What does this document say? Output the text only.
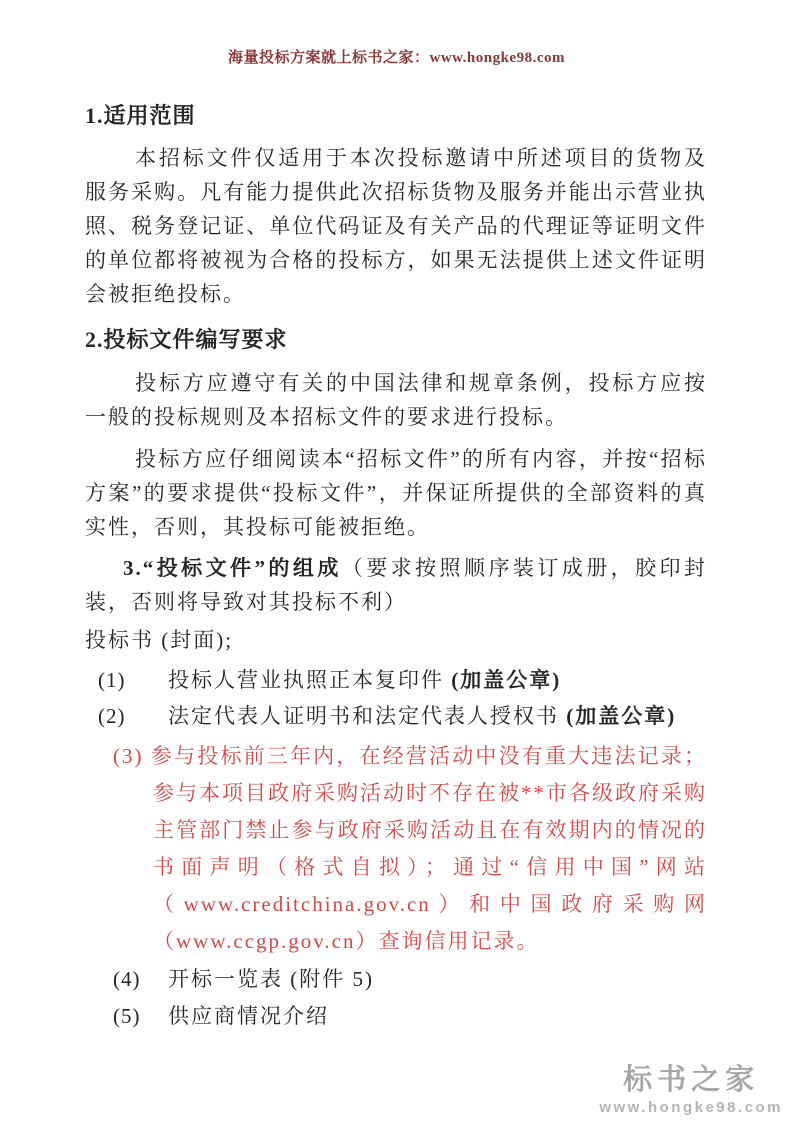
海量投标方案就上标书之家：www.hongke98.com
1.适用范围

本招标文件仅适用于本次投标邀请中所述项目的货物及服务采购。凡有能力提供此次招标货物及服务并能出示营业执照、税务登记证、单位代码证及有关产品的代理证等证明文件的单位都将被视为合格的投标方，如果无法提供上述文件证明会被拒绝投标。

2.投标文件编写要求

投标方应遵守有关的中国法律和规章条例，投标方应按一般的投标规则及本招标文件的要求进行投标。

投标方应仔细阅读本“招标文件”的所有内容，并按“招标方案”的要求提供“投标文件”，并保证所提供的全部资料的真实性，否则，其投标可能被拒绝。

3.“投标文件”的组成（要求按照顺序装订成册，胶印封装，否则将导致对其投标不利）

投标书 (封面);

(1)	投标人营业执照正本复印件 (加盖公章)

(2)	法定代表人证明书和法定代表人授权书 (加盖公章)

(3) 参与投标前三年内，在经营活动中没有重大违法记录；参与本项目政府采购活动时不存在被**市各级政府采购主管部门禁止参与政府采购活动且在有效期内的情况的书面声明（格式自拟）；通过“信用中国”网站（www.creditchina.gov.cn）和中国政府采购网（www.ccgp.gov.cn）查询信用记录。

(4)	开标一览表 (附件 5)

(5)	供应商情况介绍

标书之家
www.hongke98.com
